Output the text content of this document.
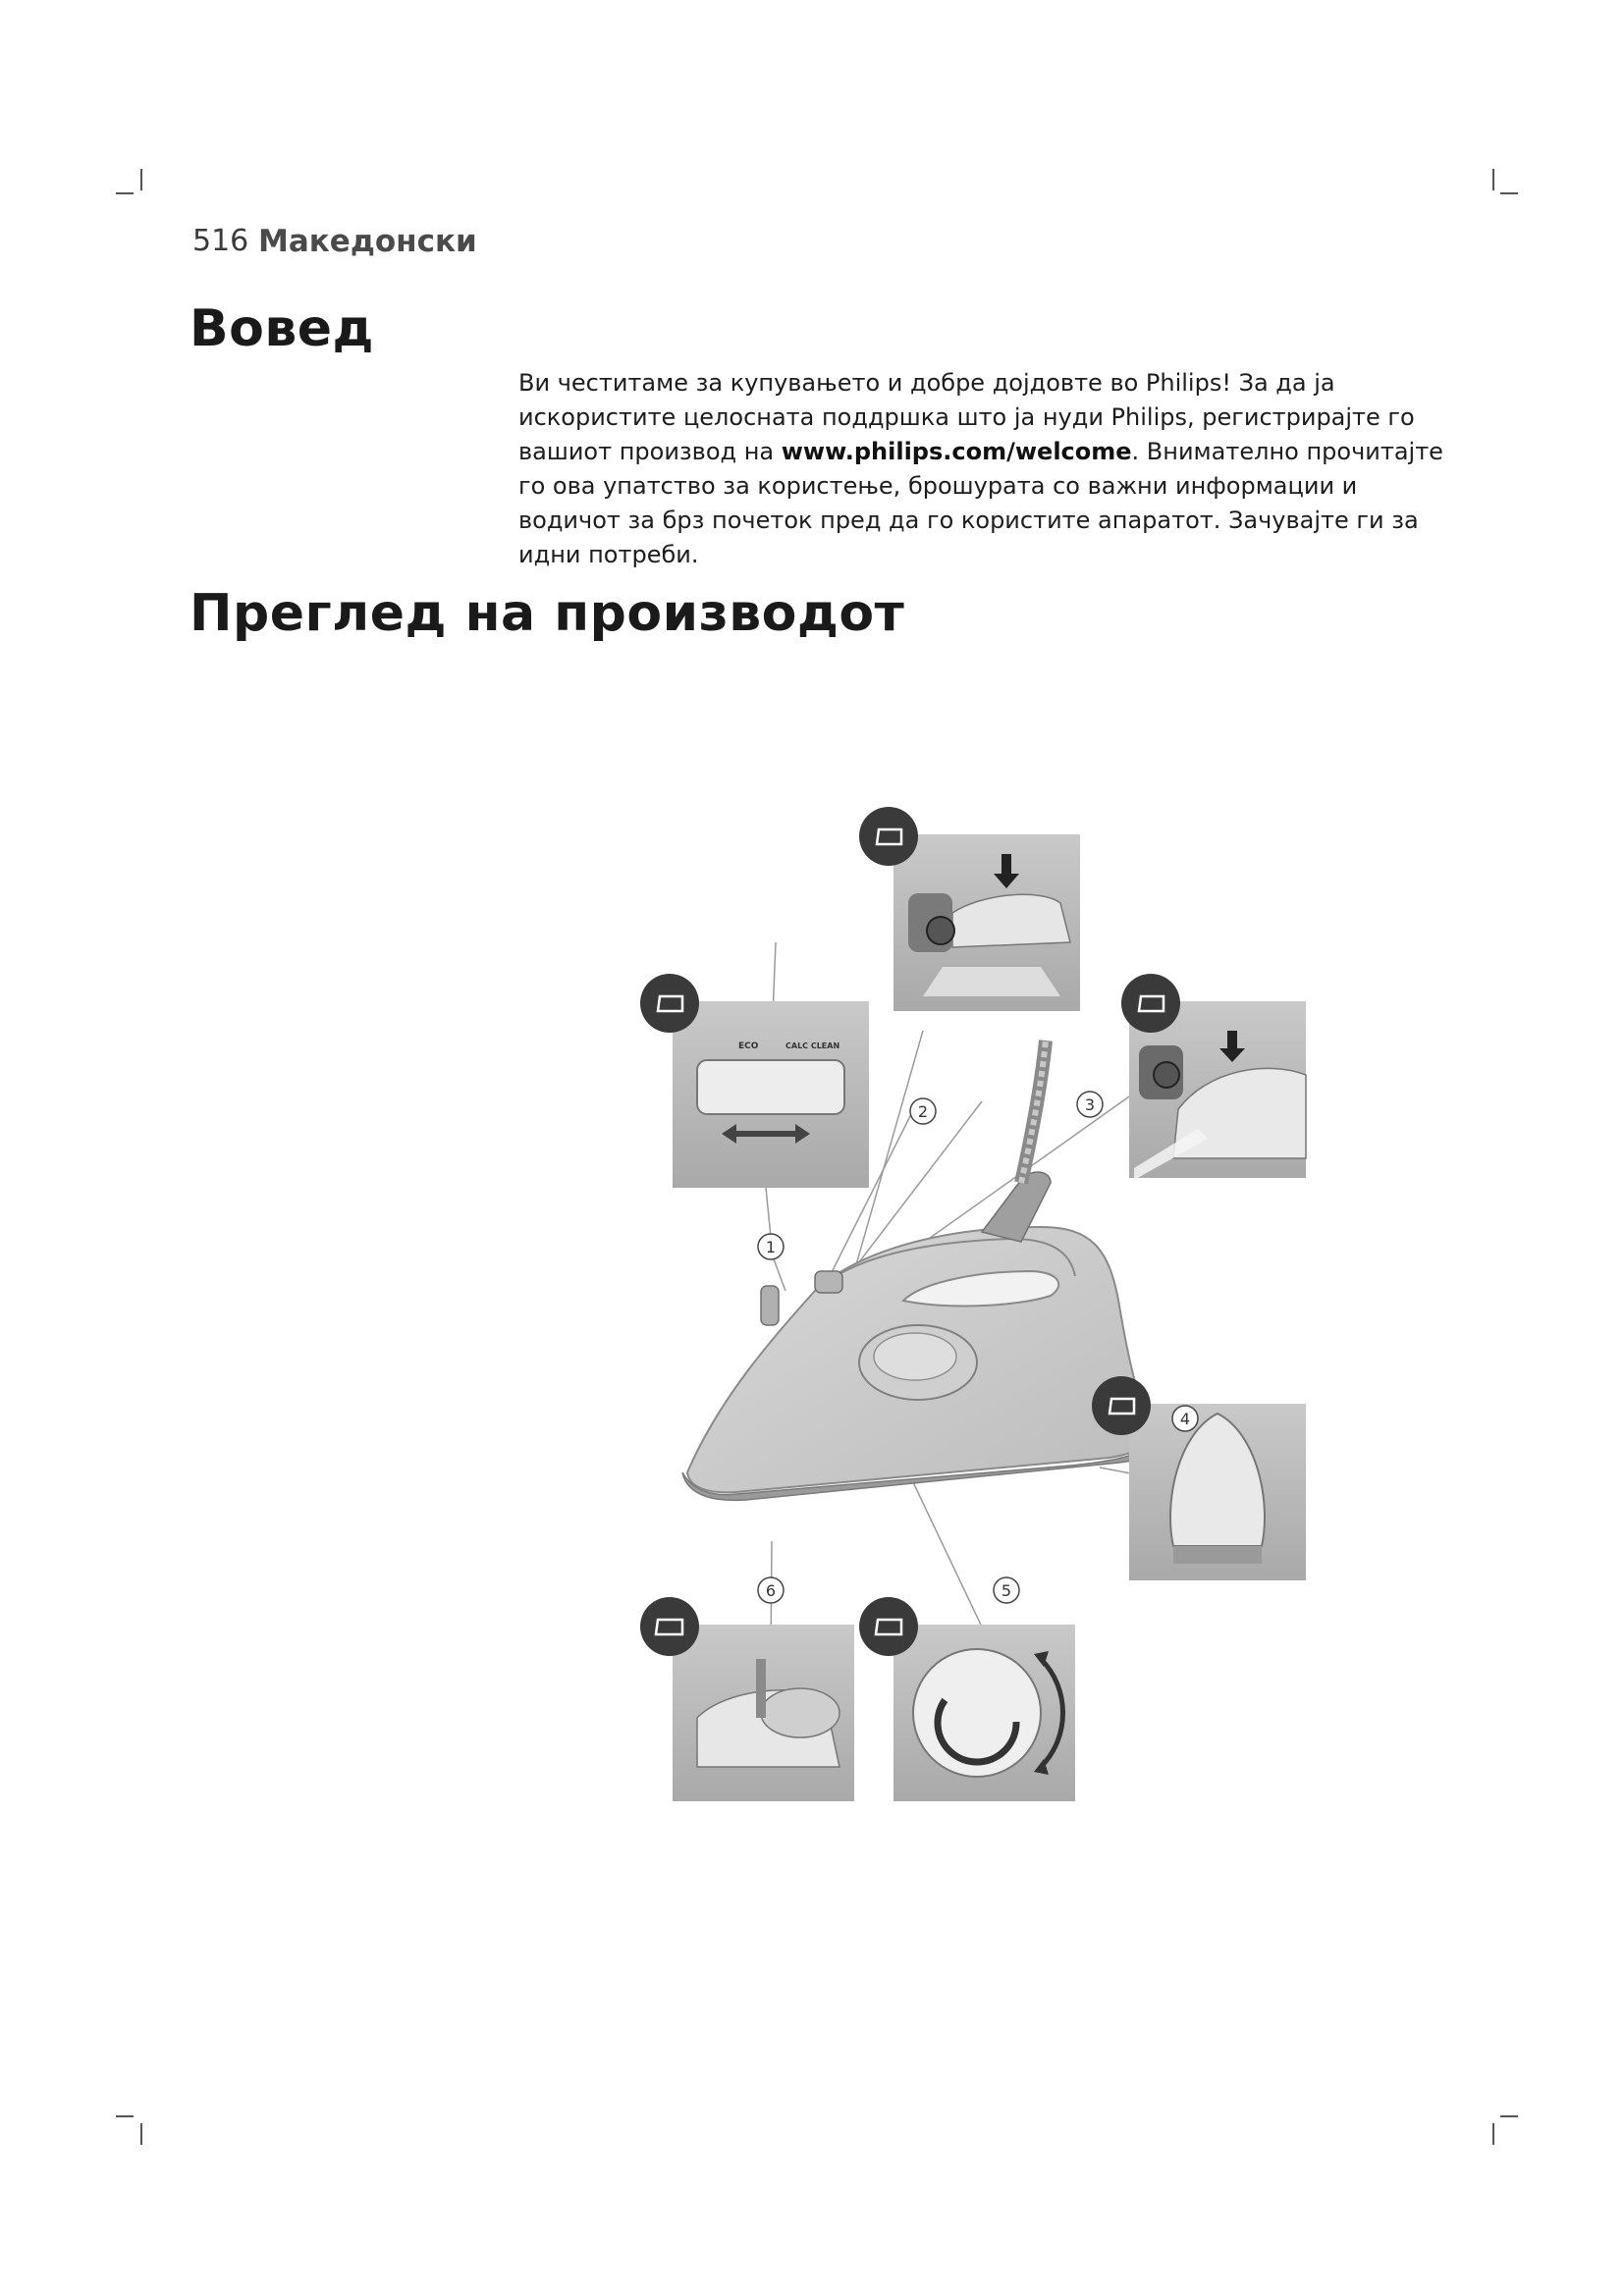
516 Македонски
Вовед
Ви честитаме за купувањето и добре дојдовте во Philips! За да ја искористите целосната поддршка што ја нуди Philips, регистрирајте го вашиот производ на www.philips.com/welcome. Внимателно прочитајте го ова упатство за користење, брошурата со важни информации и водичот за брз почеток пред да го користите апаратот. Зачувајте ги за идни потреби.
Преглед на производот
ECO	CALC CLEAN
1
2	3
4
5
6
